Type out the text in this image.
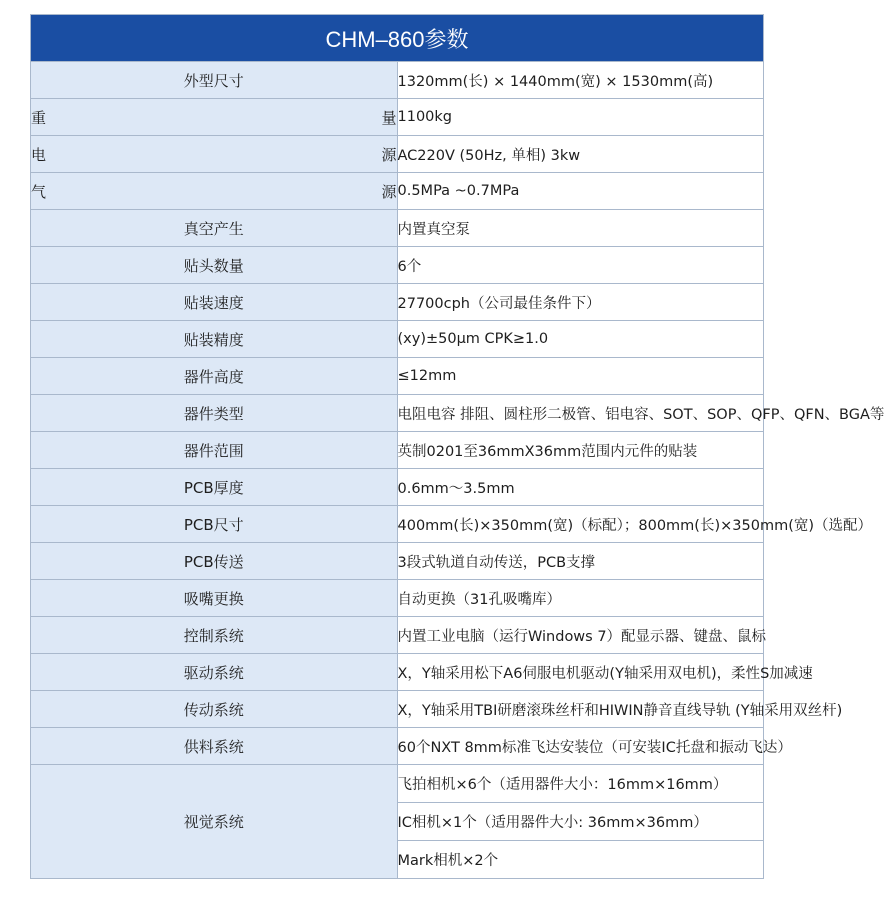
CHM–860参数	
外型尺寸	1320mm(长) × 1440mm(宽) × 1530mm(高)
重 量	1100kg
电 源	AC220V (50Hz, 单相) 3kw
气 源	0.5MPa ~0.7MPa
真空产生	内置真空泵
贴头数量	6个
贴装速度	27700cph（公司最佳条件下）
贴装精度	(xy)±50μm CPK≥1.0
器件高度	≤12mm
器件类型	电阻电容 排阻、圆柱形二极管、铝电容、SOT、SOP、QFP、QFN、BGA等
器件范围	英制0201至36mmX36mm范围内元件的贴装
PCB厚度	0.6mm～3.5mm
PCB尺寸	400mm(长)×350mm(宽)（标配）；800mm(长)×350mm(宽)（选配）
PCB传送	3段式轨道自动传送，PCB支撑
吸嘴更换	自动更换（31孔吸嘴库）
控制系统	内置工业电脑（运行Windows 7）配显示器、键盘、鼠标
驱动系统	X，Y轴采用松下A6伺服电机驱动(Y轴采用双电机)，柔性S加减速
传动系统	X，Y轴采用TBI研磨滚珠丝杆和HIWIN静音直线导轨 (Y轴采用双丝杆)
供料系统	60个NXT 8mm标准飞达安装位（可安装IC托盘和振动飞达）
视觉系统	飞拍相机×6个（适用器件大小：16mm×16mm）
	IC相机×1个（适用器件大小: 36mm×36mm）
	Mark相机×2个
